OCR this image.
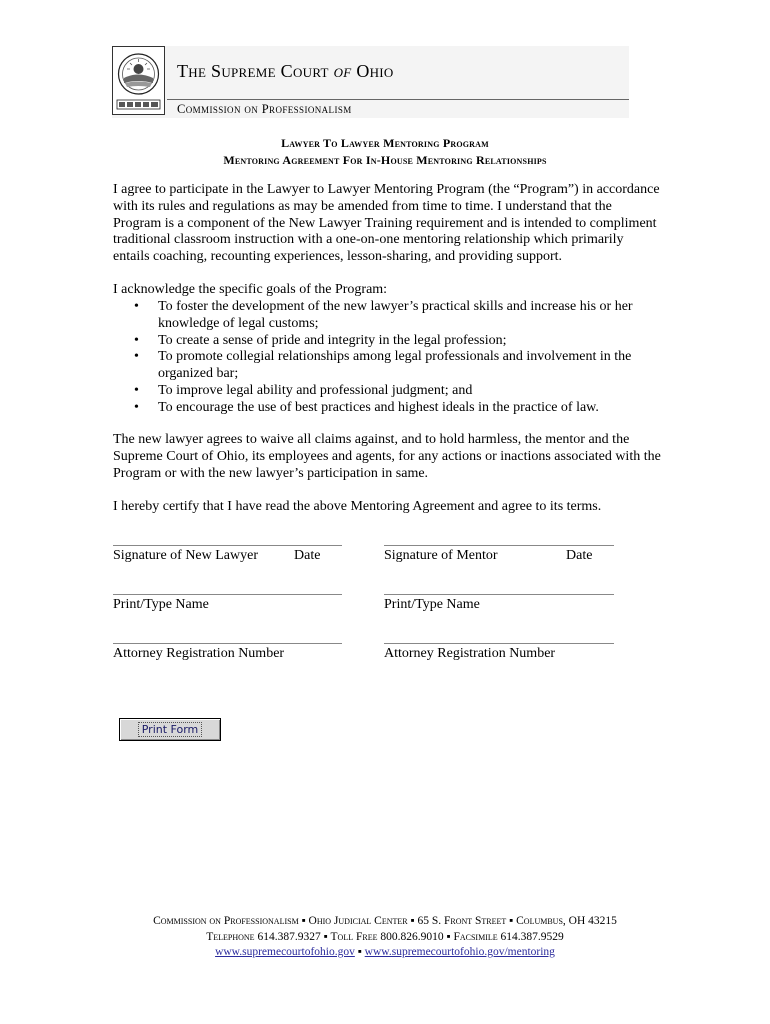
The Supreme Court of Ohio
Commission on Professionalism
Lawyer To Lawyer Mentoring Program
Mentoring Agreement For In-House Mentoring Relationships
I agree to participate in the Lawyer to Lawyer Mentoring Program (the “Program”) in accordance
with its rules and regulations as may be amended from time to time. I understand that the
Program is a component of the New Lawyer Training requirement and is intended to compliment
traditional classroom instruction with a one-on-one mentoring relationship which primarily
entails coaching, recounting experiences, lesson-sharing, and providing support.
I acknowledge the specific goals of the Program:
• To foster the development of the new lawyer’s practical skills and increase his or her
knowledge of legal customs;
• To create a sense of pride and integrity in the legal profession;
• To promote collegial relationships among legal professionals and involvement in the
organized bar;
• To improve legal ability and professional judgment; and
• To encourage the use of best practices and highest ideals in the practice of law.
The new lawyer agrees to waive all claims against, and to hold harmless, the mentor and the
Supreme Court of Ohio, its employees and agents, for any actions or inactions associated with the
Program or with the new lawyer’s participation in same.
I hereby certify that I have read the above Mentoring Agreement and agree to its terms.
Signature of New Lawyer	Date	Signature of Mentor	Date
Print/Type Name	Print/Type Name
Attorney Registration Number	Attorney Registration Number
Print Form
Commission on Professionalism ▪ Ohio Judicial Center ▪ 65 S. Front Street ▪ Columbus, OH 43215
Telephone 614.387.9327 ▪ Toll Free 800.826.9010 ▪ Facsimile 614.387.9529
www.supremecourtofohio.gov ▪ www.supremecourtofohio.gov/mentoring
